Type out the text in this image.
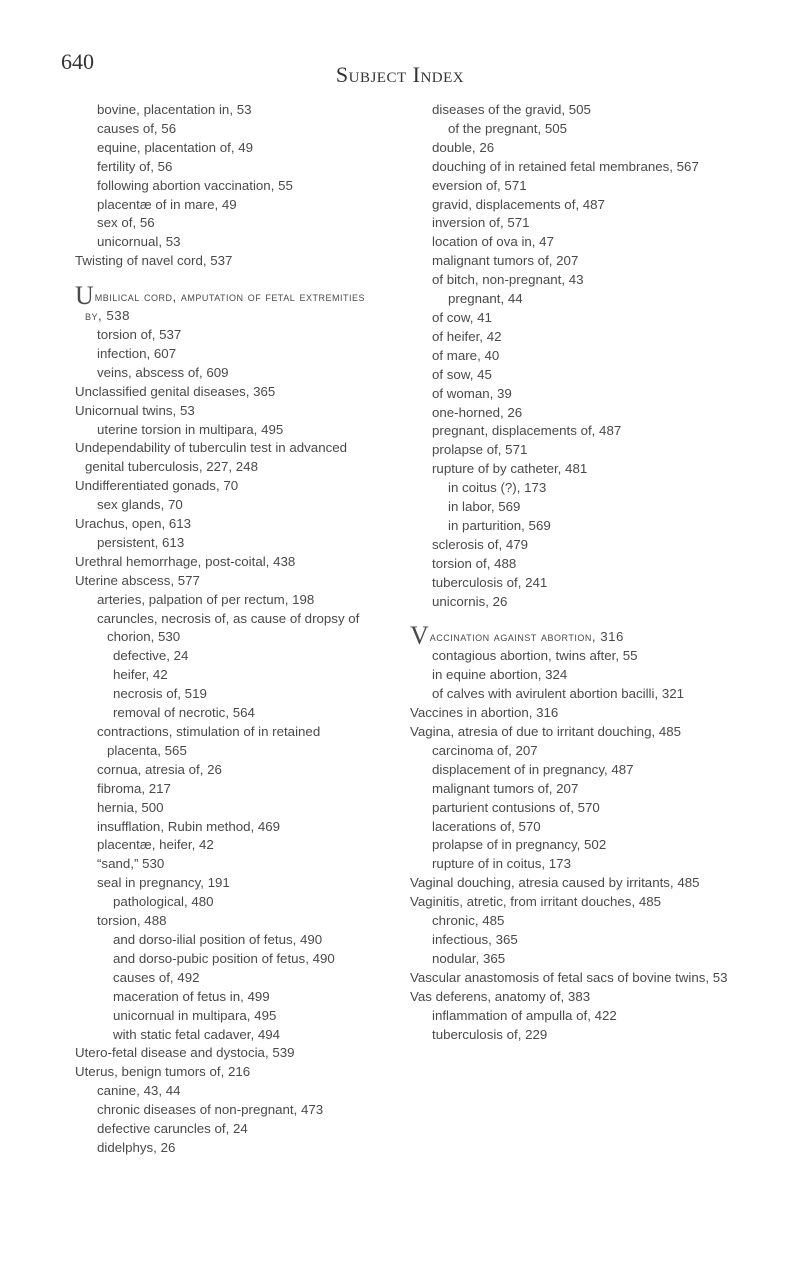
640
Subject Index

bovine, placentation in, 53

causes of, 56

equine, placentation of, 49

fertility of, 56

following abortion vaccination, 55

placentæ of in mare, 49

sex of, 56

unicornual, 53

Twisting of navel cord, 537

Umbilical cord, amputation of fetal extremities by, 538

torsion of, 537

infection, 607

veins, abscess of, 609

Unclassified genital diseases, 365

Unicornual twins, 53

uterine torsion in multipara, 495

Undependability of tuberculin test in advanced genital tuberculosis, 227, 248

Undifferentiated gonads, 70

sex glands, 70

Urachus, open, 613

persistent, 613

Urethral hemorrhage, post-coital, 438

Uterine abscess, 577

arteries, palpation of per rectum, 198

caruncles, necrosis of, as cause of dropsy of chorion, 530

defective, 24

heifer, 42

necrosis of, 519

removal of necrotic, 564

contractions, stimulation of in retained placenta, 565

cornua, atresia of, 26

fibroma, 217

hernia, 500

insufflation, Rubin method, 469

placentæ, heifer, 42

“sand,” 530

seal in pregnancy, 191

pathological, 480

torsion, 488

and dorso-ilial position of fetus, 490

and dorso-pubic position of fetus, 490

causes of, 492

maceration of fetus in, 499

unicornual in multipara, 495

with static fetal cadaver, 494

Utero-fetal disease and dystocia, 539

Uterus, benign tumors of, 216

canine, 43, 44

chronic diseases of non-pregnant, 473

defective caruncles of, 24

didelphys, 26

diseases of the gravid, 505

of the pregnant, 505

double, 26

douching of in retained fetal membranes, 567

eversion of, 571

gravid, displacements of, 487

inversion of, 571

location of ova in, 47

malignant tumors of, 207

of bitch, non-pregnant, 43

pregnant, 44

of cow, 41

of heifer, 42

of mare, 40

of sow, 45

of woman, 39

one-horned, 26

pregnant, displacements of, 487

prolapse of, 571

rupture of by catheter, 481

in coitus (?), 173

in labor, 569

in parturition, 569

sclerosis of, 479

torsion of, 488

tuberculosis of, 241

unicornis, 26

Vaccination against abortion, 316

contagious abortion, twins after, 55

in equine abortion, 324

of calves with avirulent abortion bacilli, 321

Vaccines in abortion, 316

Vagina, atresia of due to irritant douching, 485

carcinoma of, 207

displacement of in pregnancy, 487

malignant tumors of, 207

parturient contusions of, 570

lacerations of, 570

prolapse of in pregnancy, 502

rupture of in coitus, 173

Vaginal douching, atresia caused by irritants, 485

Vaginitis, atretic, from irritant douches, 485

chronic, 485

infectious, 365

nodular, 365

Vascular anastomosis of fetal sacs of bovine twins, 53

Vas deferens, anatomy of, 383

inflammation of ampulla of, 422

tuberculosis of, 229
